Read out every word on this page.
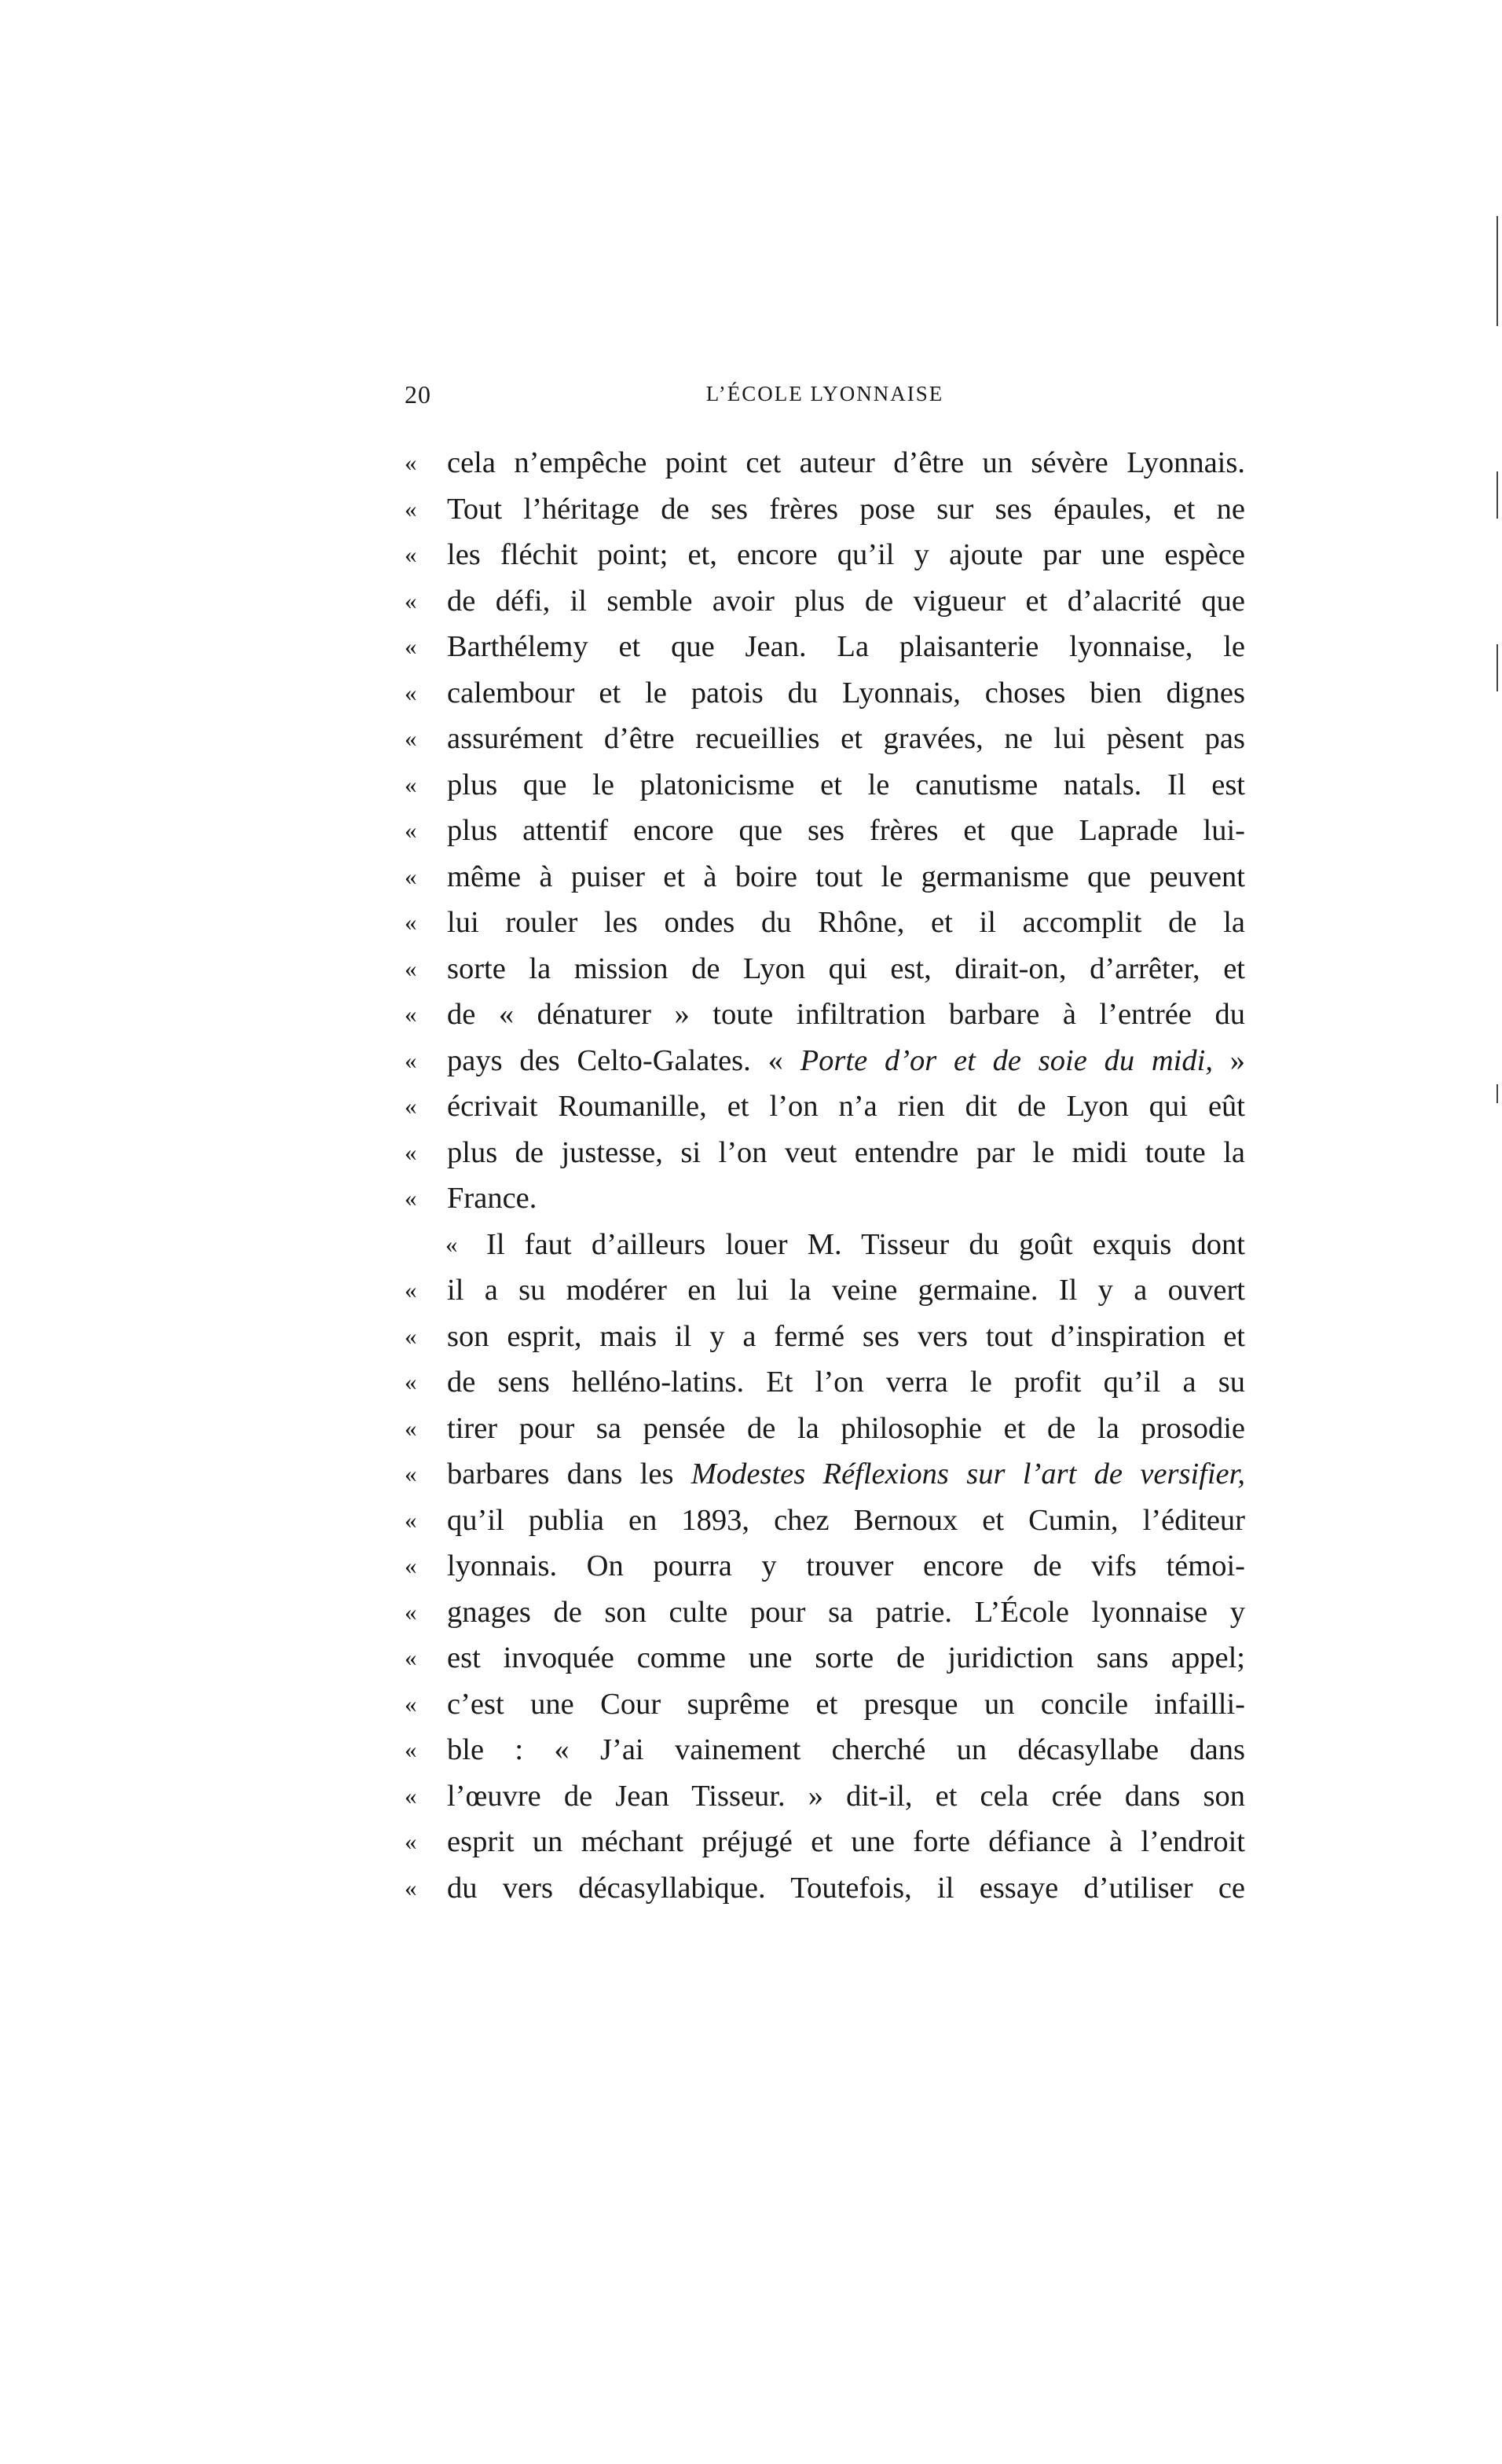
20	L’ÉCOLE LYONNAISE
«	cela n’empêche point cet auteur d’être un sévère Lyonnais.
«	Tout l’héritage de ses frères pose sur ses épaules, et ne
«	les fléchit point; et, encore qu’il y ajoute par une espèce
«	de défi, il semble avoir plus de vigueur et d’alacrité que
«	Barthélemy et que Jean. La plaisanterie lyonnaise, le
«	calembour et le patois du Lyonnais, choses bien dignes
«	assurément d’être recueillies et gravées, ne lui pèsent pas
«	plus que le platonicisme et le canutisme natals. Il est
«	plus attentif encore que ses frères et que Laprade lui-
«	même à puiser et à boire tout le germanisme que peuvent
«	lui rouler les ondes du Rhône, et il accomplit de la
«	sorte la mission de Lyon qui est, dirait-on, d’arrêter, et
«	de « dénaturer » toute infiltration barbare à l’entrée du
«	pays des Celto-Galates. « Porte d’or et de soie du midi, »
«	écrivait Roumanille, et l’on n’a rien dit de Lyon qui eût
«	plus de justesse, si l’on veut entendre par le midi toute la
«	France.
« Il faut d’ailleurs louer M. Tisseur du goût exquis dont
«	il a su modérer en lui la veine germaine. Il y a ouvert
«	son esprit, mais il y a fermé ses vers tout d’inspiration et
«	de sens helléno-latins. Et l’on verra le profit qu’il a su
«	tirer pour sa pensée de la philosophie et de la prosodie
«	barbares dans les Modestes Réflexions sur l’art de versifier,
«	qu’il publia en 1893, chez Bernoux et Cumin, l’éditeur
«	lyonnais. On pourra y trouver encore de vifs témoi-
«	gnages de son culte pour sa patrie. L’École lyonnaise y
«	est invoquée comme une sorte de juridiction sans appel;
«	c’est une Cour suprême et presque un concile infailli-
«	ble : « J’ai vainement cherché un décasyllabe dans
«	l’œuvre de Jean Tisseur. » dit-il, et cela crée dans son
«	esprit un méchant préjugé et une forte défiance à l’endroit
«	du vers décasyllabique. Toutefois, il essaye d’utiliser ce
